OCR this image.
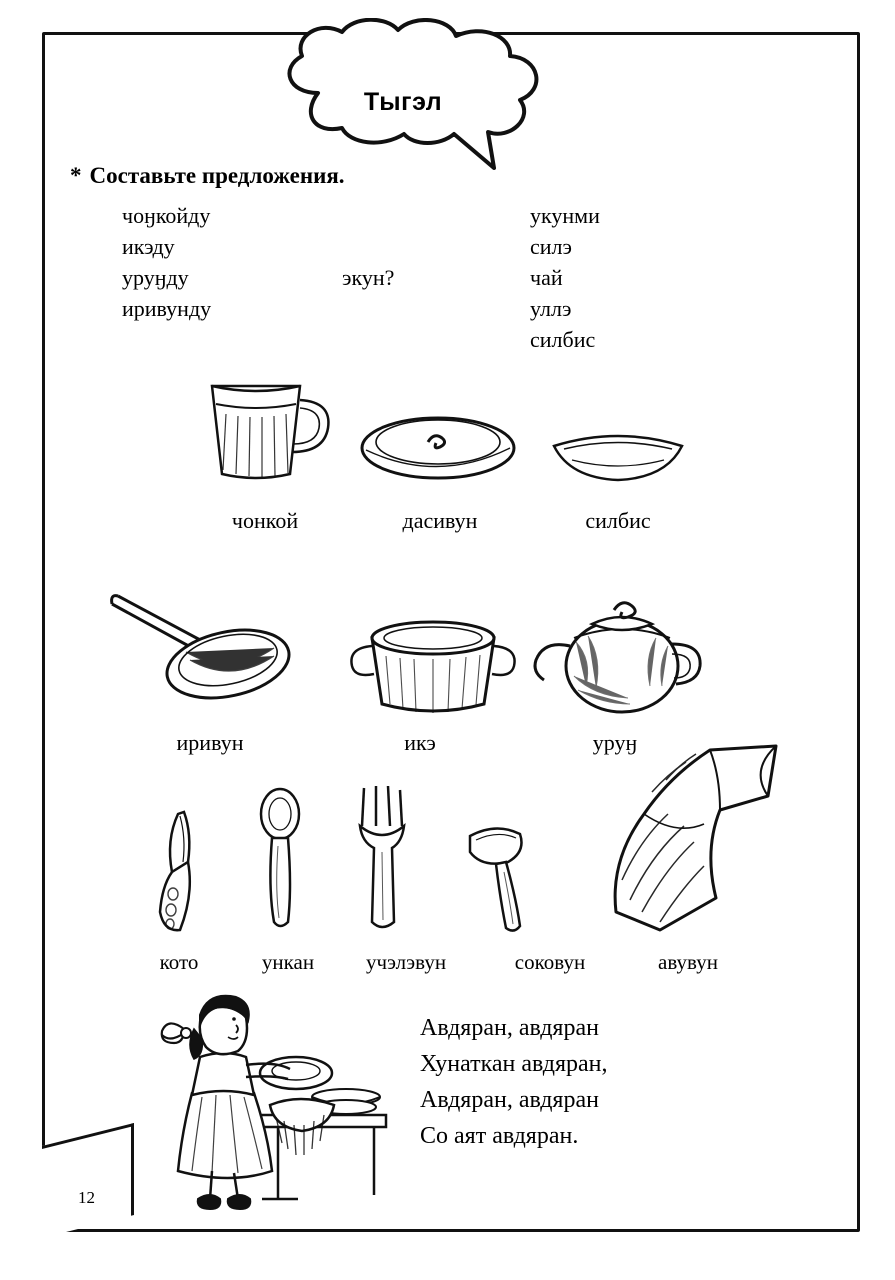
12
Тыгэл
* Составьте предложения.
чоӈкойду
икэду
уруӈду
иривунду
экун?
укунми
силэ
чай
уллэ
силбис
чонкой	дасивун	силбис
иривун	икэ	уруӈ
кото	ункан	учэлэвун	соковун	авувун
Авдяран, авдяран
Хунаткан авдяран,
Авдяран, авдяран
Со аят авдяран.
